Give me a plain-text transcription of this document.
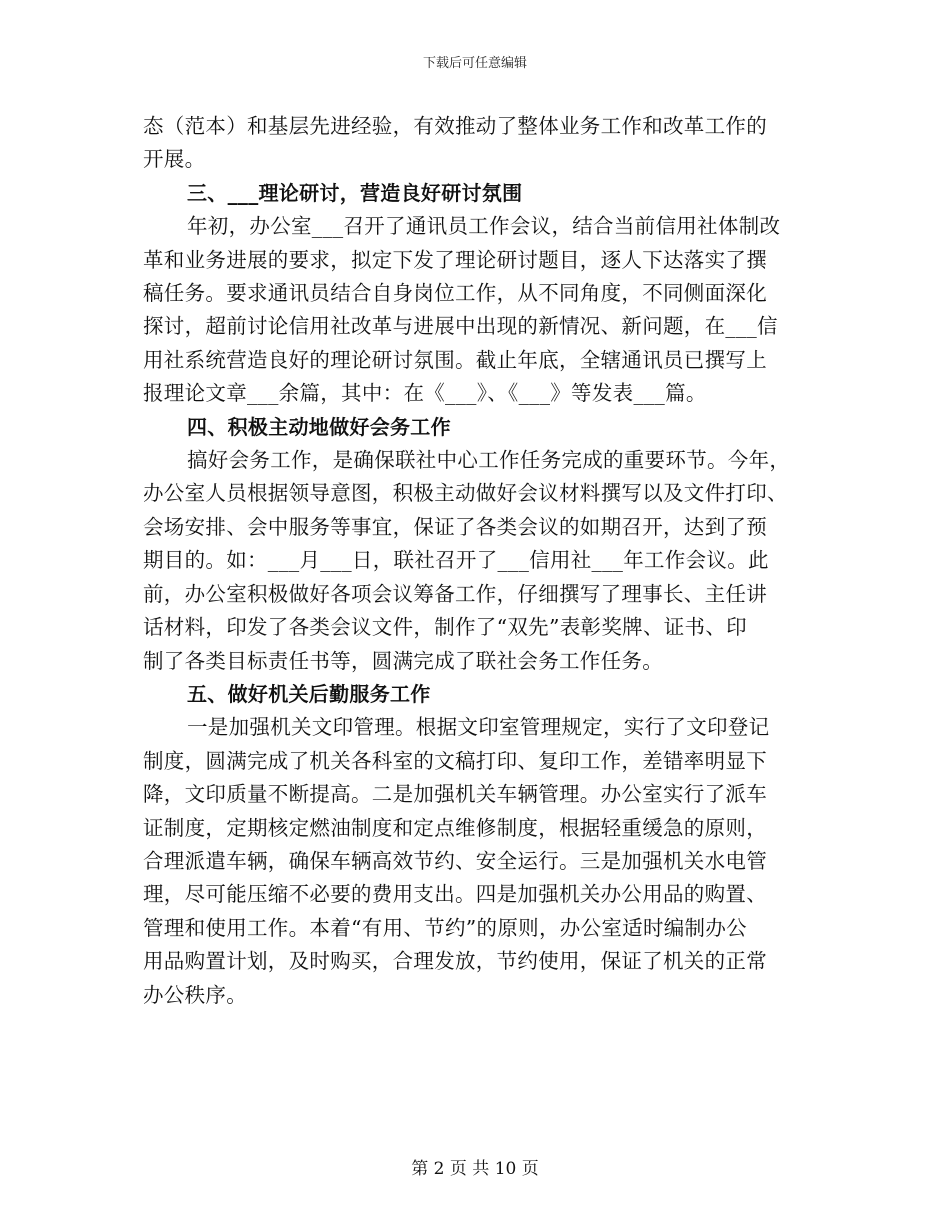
下载后可任意编辑
态（范本）和基层先进经验，有效推动了整体业务工作和改革工作的
开展。
三、___理论研讨，营造良好研讨氛围
年初，办公室___召开了通讯员工作会议，结合当前信用社体制改
革和业务进展的要求，拟定下发了理论研讨题目，逐人下达落实了撰
稿任务。要求通讯员结合自身岗位工作，从不同角度，不同侧面深化
探讨，超前讨论信用社改革与进展中出现的新情况、新问题，在___信
用社系统营造良好的理论研讨氛围。截止年底，全辖通讯员已撰写上
报理论文章___余篇，其中：在《___》、《___》等发表___篇。
四、积极主动地做好会务工作
搞好会务工作，是确保联社中心工作任务完成的重要环节。今年，
办公室人员根据领导意图，积极主动做好会议材料撰写以及文件打印、
会场安排、会中服务等事宜，保证了各类会议的如期召开，达到了预
期目的。如：___月___日，联社召开了___信用社___年工作会议。此
前，办公室积极做好各项会议筹备工作，仔细撰写了理事长、主任讲
话材料，印发了各类会议文件，制作了“双先”表彰奖牌、证书、印
制了各类目标责任书等，圆满完成了联社会务工作任务。
五、做好机关后勤服务工作
一是加强机关文印管理。根据文印室管理规定，实行了文印登记
制度，圆满完成了机关各科室的文稿打印、复印工作，差错率明显下
降，文印质量不断提高。二是加强机关车辆管理。办公室实行了派车
证制度，定期核定燃油制度和定点维修制度，根据轻重缓急的原则，
合理派遣车辆，确保车辆高效节约、安全运行。三是加强机关水电管
理，尽可能压缩不必要的费用支出。四是加强机关办公用品的购置、
管理和使用工作。本着“有用、节约”的原则，办公室适时编制办公
用品购置计划，及时购买，合理发放，节约使用，保证了机关的正常
办公秩序。
第 2 页 共 10 页
